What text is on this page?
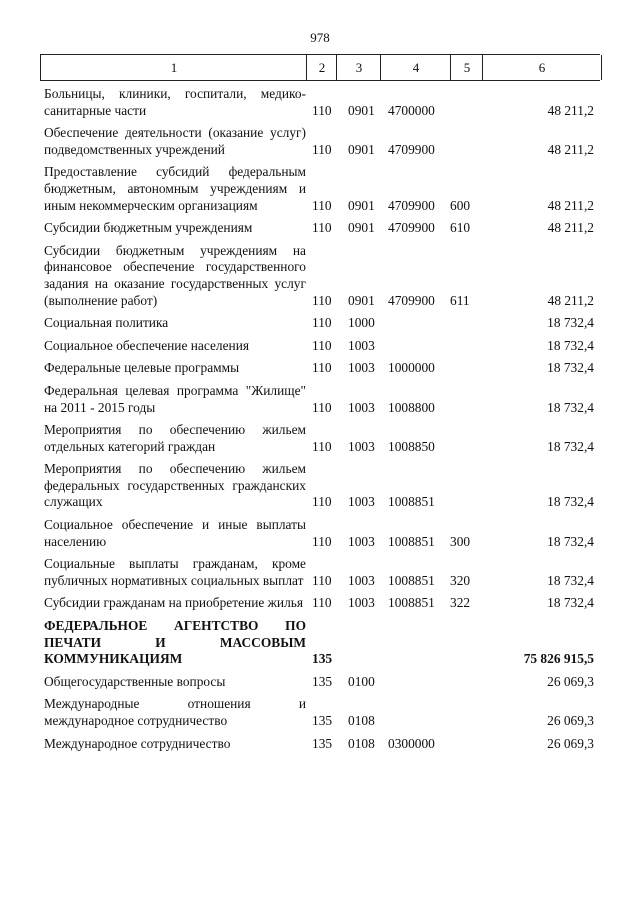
978
1	2	3	4	5	6
Больницы, клиники, госпитали, медико-санитарные части	110 0901 4700000	48 211,2
Обеспечение деятельности (оказание услуг) подведомственных учреждений	110 0901 4709900	48 211,2
Предоставление субсидий федеральным бюджетным, автономным учреждениям и иным некоммерческим организациям	110 0901 4709900 600	48 211,2
Субсидии бюджетным учреждениям	110 0901 4709900 610	48 211,2
Субсидии бюджетным учреждениям на финансовое обеспечение государственного задания на оказание государственных услуг (выполнение работ)	110 0901 4709900 611	48 211,2
Социальная политика	110 1000	18 732,4
Социальное обеспечение населения	110 1003	18 732,4
Федеральные целевые программы	110 1003 1000000	18 732,4
Федеральная целевая программа "Жилище" на 2011 - 2015 годы	110 1003 1008800	18 732,4
Мероприятия по обеспечению жильем отдельных категорий граждан	110 1003 1008850	18 732,4
Мероприятия по обеспечению жильем федеральных государственных гражданских служащих	110 1003 1008851	18 732,4
Социальное обеспечение и иные выплаты населению	110 1003 1008851 300	18 732,4
Социальные выплаты гражданам, кроме публичных нормативных социальных выплат 110 1003 1008851 320	18 732,4
Субсидии гражданам на приобретение жилья 110 1003 1008851 322	18 732,4
ФЕДЕРАЛЬНОЕ АГЕНТСТВО ПО ПЕЧАТИ И МАССОВЫМ КОММУНИКАЦИЯМ	135	75 826 915,5
Общегосударственные вопросы	135 0100	26 069,3
Международные отношения и международное сотрудничество	135 0108	26 069,3
Международное сотрудничество	135 0108 0300000	26 069,3
